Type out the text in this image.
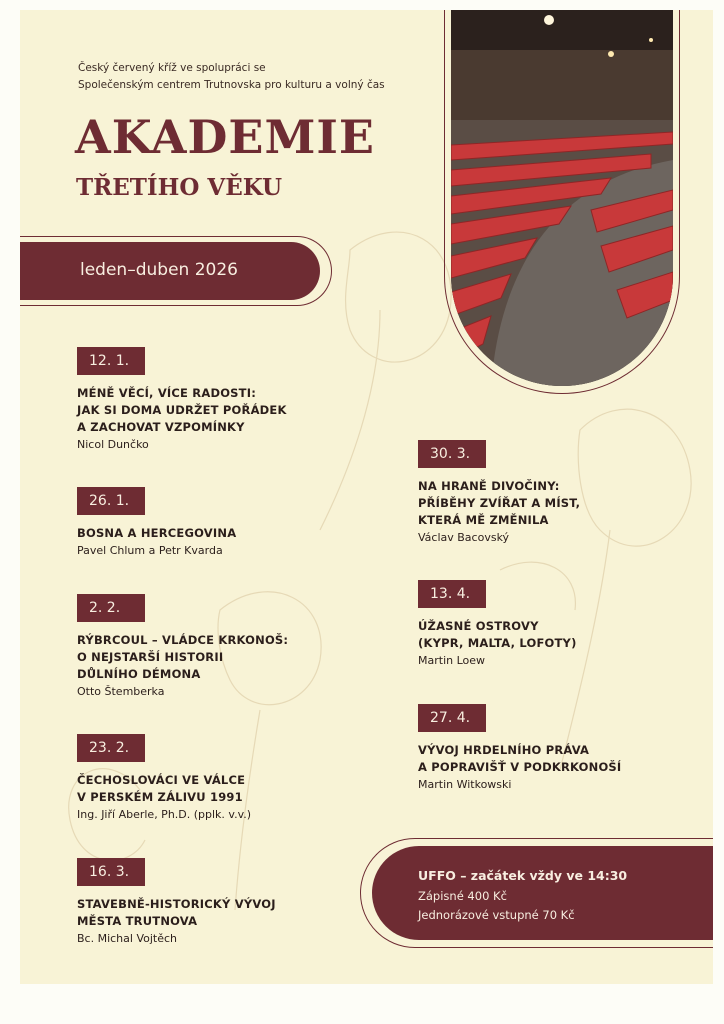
Český červený kříž ve spolupráci se
Společenským centrem Trutnovska pro kulturu a volný čas
AKADEMIE
TŘETÍHO VĚKU
leden–duben 2026
12. 1.
MÉNĚ VĚCÍ, VÍCE RADOSTI:
JAK SI DOMA UDRŽET POŘÁDEK
A ZACHOVAT VZPOMÍNKY
Nicol Dunčko
26. 1.
BOSNA A HERCEGOVINA
Pavel Chlum a Petr Kvarda
2. 2.
RÝBRCOUL – VLÁDCE KRKONOŠ:
O NEJSTARŠÍ HISTORII
DŮLNÍHO DÉMONA
Otto Štemberka
23. 2.
ČECHOSLOVÁCI VE VÁLCE
V PERSKÉM ZÁLIVU 1991
Ing. Jiří Aberle, Ph.D. (pplk. v.v.)
16. 3.
STAVEBNĚ-HISTORICKÝ VÝVOJ
MĚSTA TRUTNOVA
Bc. Michal Vojtěch
30. 3.
NA HRANĚ DIVOČINY:
PŘÍBĚHY ZVÍŘAT A MÍST,
KTERÁ MĚ ZMĚNILA
Václav Bacovský
13. 4.
ÚŽASNÉ OSTROVY
(KYPR, MALTA, LOFOTY)
Martin Loew
27. 4.
VÝVOJ HRDELNÍHO PRÁVA
A POPRAVIŠŤ V PODKRKONOŠÍ
Martin Witkowski
UFFO – začátek vždy ve 14:30
Zápisné 400 Kč
Jednorázové vstupné 70 Kč
